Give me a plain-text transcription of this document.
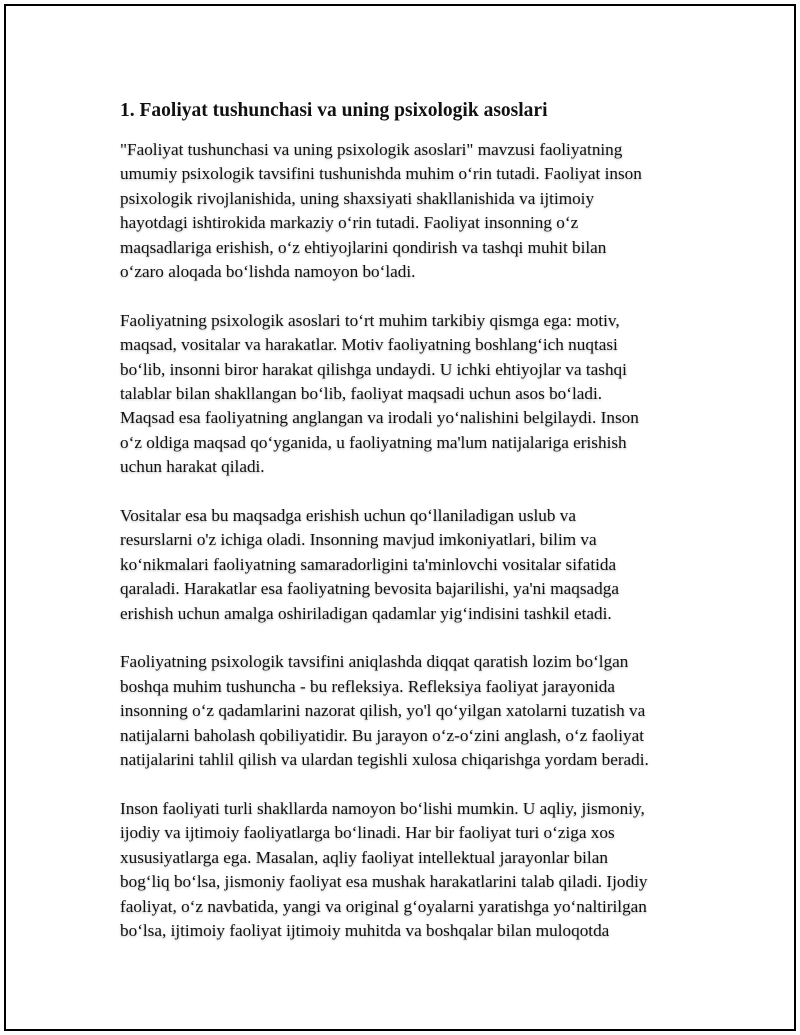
1. Faoliyat tushunchasi va uning psixologik asoslari
"Faoliyat tushunchasi va uning psixologik asoslari" mavzusi faoliyatning
umumiy psixologik tavsifini tushunishda muhim o‘rin tutadi. Faoliyat inson
psixologik rivojlanishida, uning shaxsiyati shakllanishida va ijtimoiy
hayotdagi ishtirokida markaziy o‘rin tutadi. Faoliyat insonning o‘z
maqsadlariga erishish, o‘z ehtiyojlarini qondirish va tashqi muhit bilan
o‘zaro aloqada bo‘lishda namoyon bo‘ladi.
Faoliyatning psixologik asoslari to‘rt muhim tarkibiy qismga ega: motiv,
maqsad, vositalar va harakatlar. Motiv faoliyatning boshlang‘ich nuqtasi
bo‘lib, insonni biror harakat qilishga undaydi. U ichki ehtiyojlar va tashqi
talablar bilan shakllangan bo‘lib, faoliyat maqsadi uchun asos bo‘ladi.
Maqsad esa faoliyatning anglangan va irodali yo‘nalishini belgilaydi. Inson
o‘z oldiga maqsad qo‘yganida, u faoliyatning ma'lum natijalariga erishish
uchun harakat qiladi.
Vositalar esa bu maqsadga erishish uchun qo‘llaniladigan uslub va
resurslarni o'z ichiga oladi. Insonning mavjud imkoniyatlari, bilim va
ko‘nikmalari faoliyatning samaradorligini ta'minlovchi vositalar sifatida
qaraladi. Harakatlar esa faoliyatning bevosita bajarilishi, ya'ni maqsadga
erishish uchun amalga oshiriladigan qadamlar yig‘indisini tashkil etadi.
Faoliyatning psixologik tavsifini aniqlashda diqqat qaratish lozim bo‘lgan
boshqa muhim tushuncha - bu refleksiya. Refleksiya faoliyat jarayonida
insonning o‘z qadamlarini nazorat qilish, yo'l qo‘yilgan xatolarni tuzatish va
natijalarni baholash qobiliyatidir. Bu jarayon o‘z-o‘zini anglash, o‘z faoliyat
natijalarini tahlil qilish va ulardan tegishli xulosa chiqarishga yordam beradi.
Inson faoliyati turli shakllarda namoyon bo‘lishi mumkin. U aqliy, jismoniy,
ijodiy va ijtimoiy faoliyatlarga bo‘linadi. Har bir faoliyat turi o‘ziga xos
xususiyatlarga ega. Masalan, aqliy faoliyat intellektual jarayonlar bilan
bog‘liq bo‘lsa, jismoniy faoliyat esa mushak harakatlarini talab qiladi. Ijodiy
faoliyat, o‘z navbatida, yangi va original g‘oyalarni yaratishga yo‘naltirilgan
bo‘lsa, ijtimoiy faoliyat ijtimoiy muhitda va boshqalar bilan muloqotda
